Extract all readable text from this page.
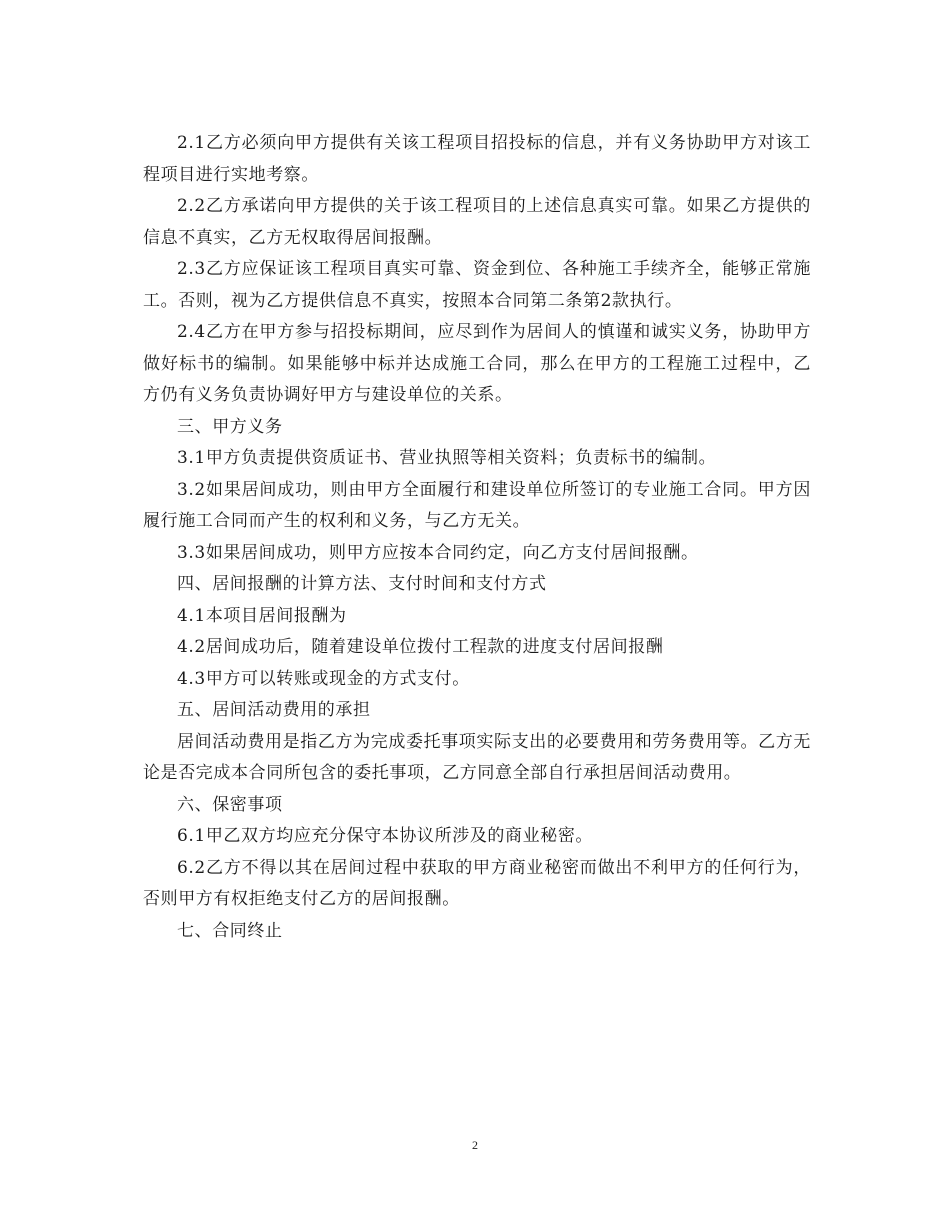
2.1乙方必须向甲方提供有关该工程项目招投标的信息，并有义务协助甲方对该工程项目进行实地考察。

2.2乙方承诺向甲方提供的关于该工程项目的上述信息真实可靠。如果乙方提供的信息不真实，乙方无权取得居间报酬。

2.3乙方应保证该工程项目真实可靠、资金到位、各种施工手续齐全，能够正常施工。否则，视为乙方提供信息不真实，按照本合同第二条第2款执行。

2.4乙方在甲方参与招投标期间，应尽到作为居间人的慎谨和诚实义务，协助甲方做好标书的编制。如果能够中标并达成施工合同，那么在甲方的工程施工过程中，乙方仍有义务负责协调好甲方与建设单位的关系。

三、甲方义务

3.1甲方负责提供资质证书、营业执照等相关资料；负责标书的编制。

3.2如果居间成功，则由甲方全面履行和建设单位所签订的专业施工合同。甲方因履行施工合同而产生的权利和义务，与乙方无关。

3.3如果居间成功，则甲方应按本合同约定，向乙方支付居间报酬。

四、居间报酬的计算方法、支付时间和支付方式

4.1本项目居间报酬为

4.2居间成功后，随着建设单位拨付工程款的进度支付居间报酬

4.3甲方可以转账或现金的方式支付。

五、居间活动费用的承担

居间活动费用是指乙方为完成委托事项实际支出的必要费用和劳务费用等。乙方无论是否完成本合同所包含的委托事项，乙方同意全部自行承担居间活动费用。

六、保密事项

6.1甲乙双方均应充分保守本协议所涉及的商业秘密。

6.2乙方不得以其在居间过程中获取的甲方商业秘密而做出不利甲方的任何行为，否则甲方有权拒绝支付乙方的居间报酬。

七、合同终止

2
